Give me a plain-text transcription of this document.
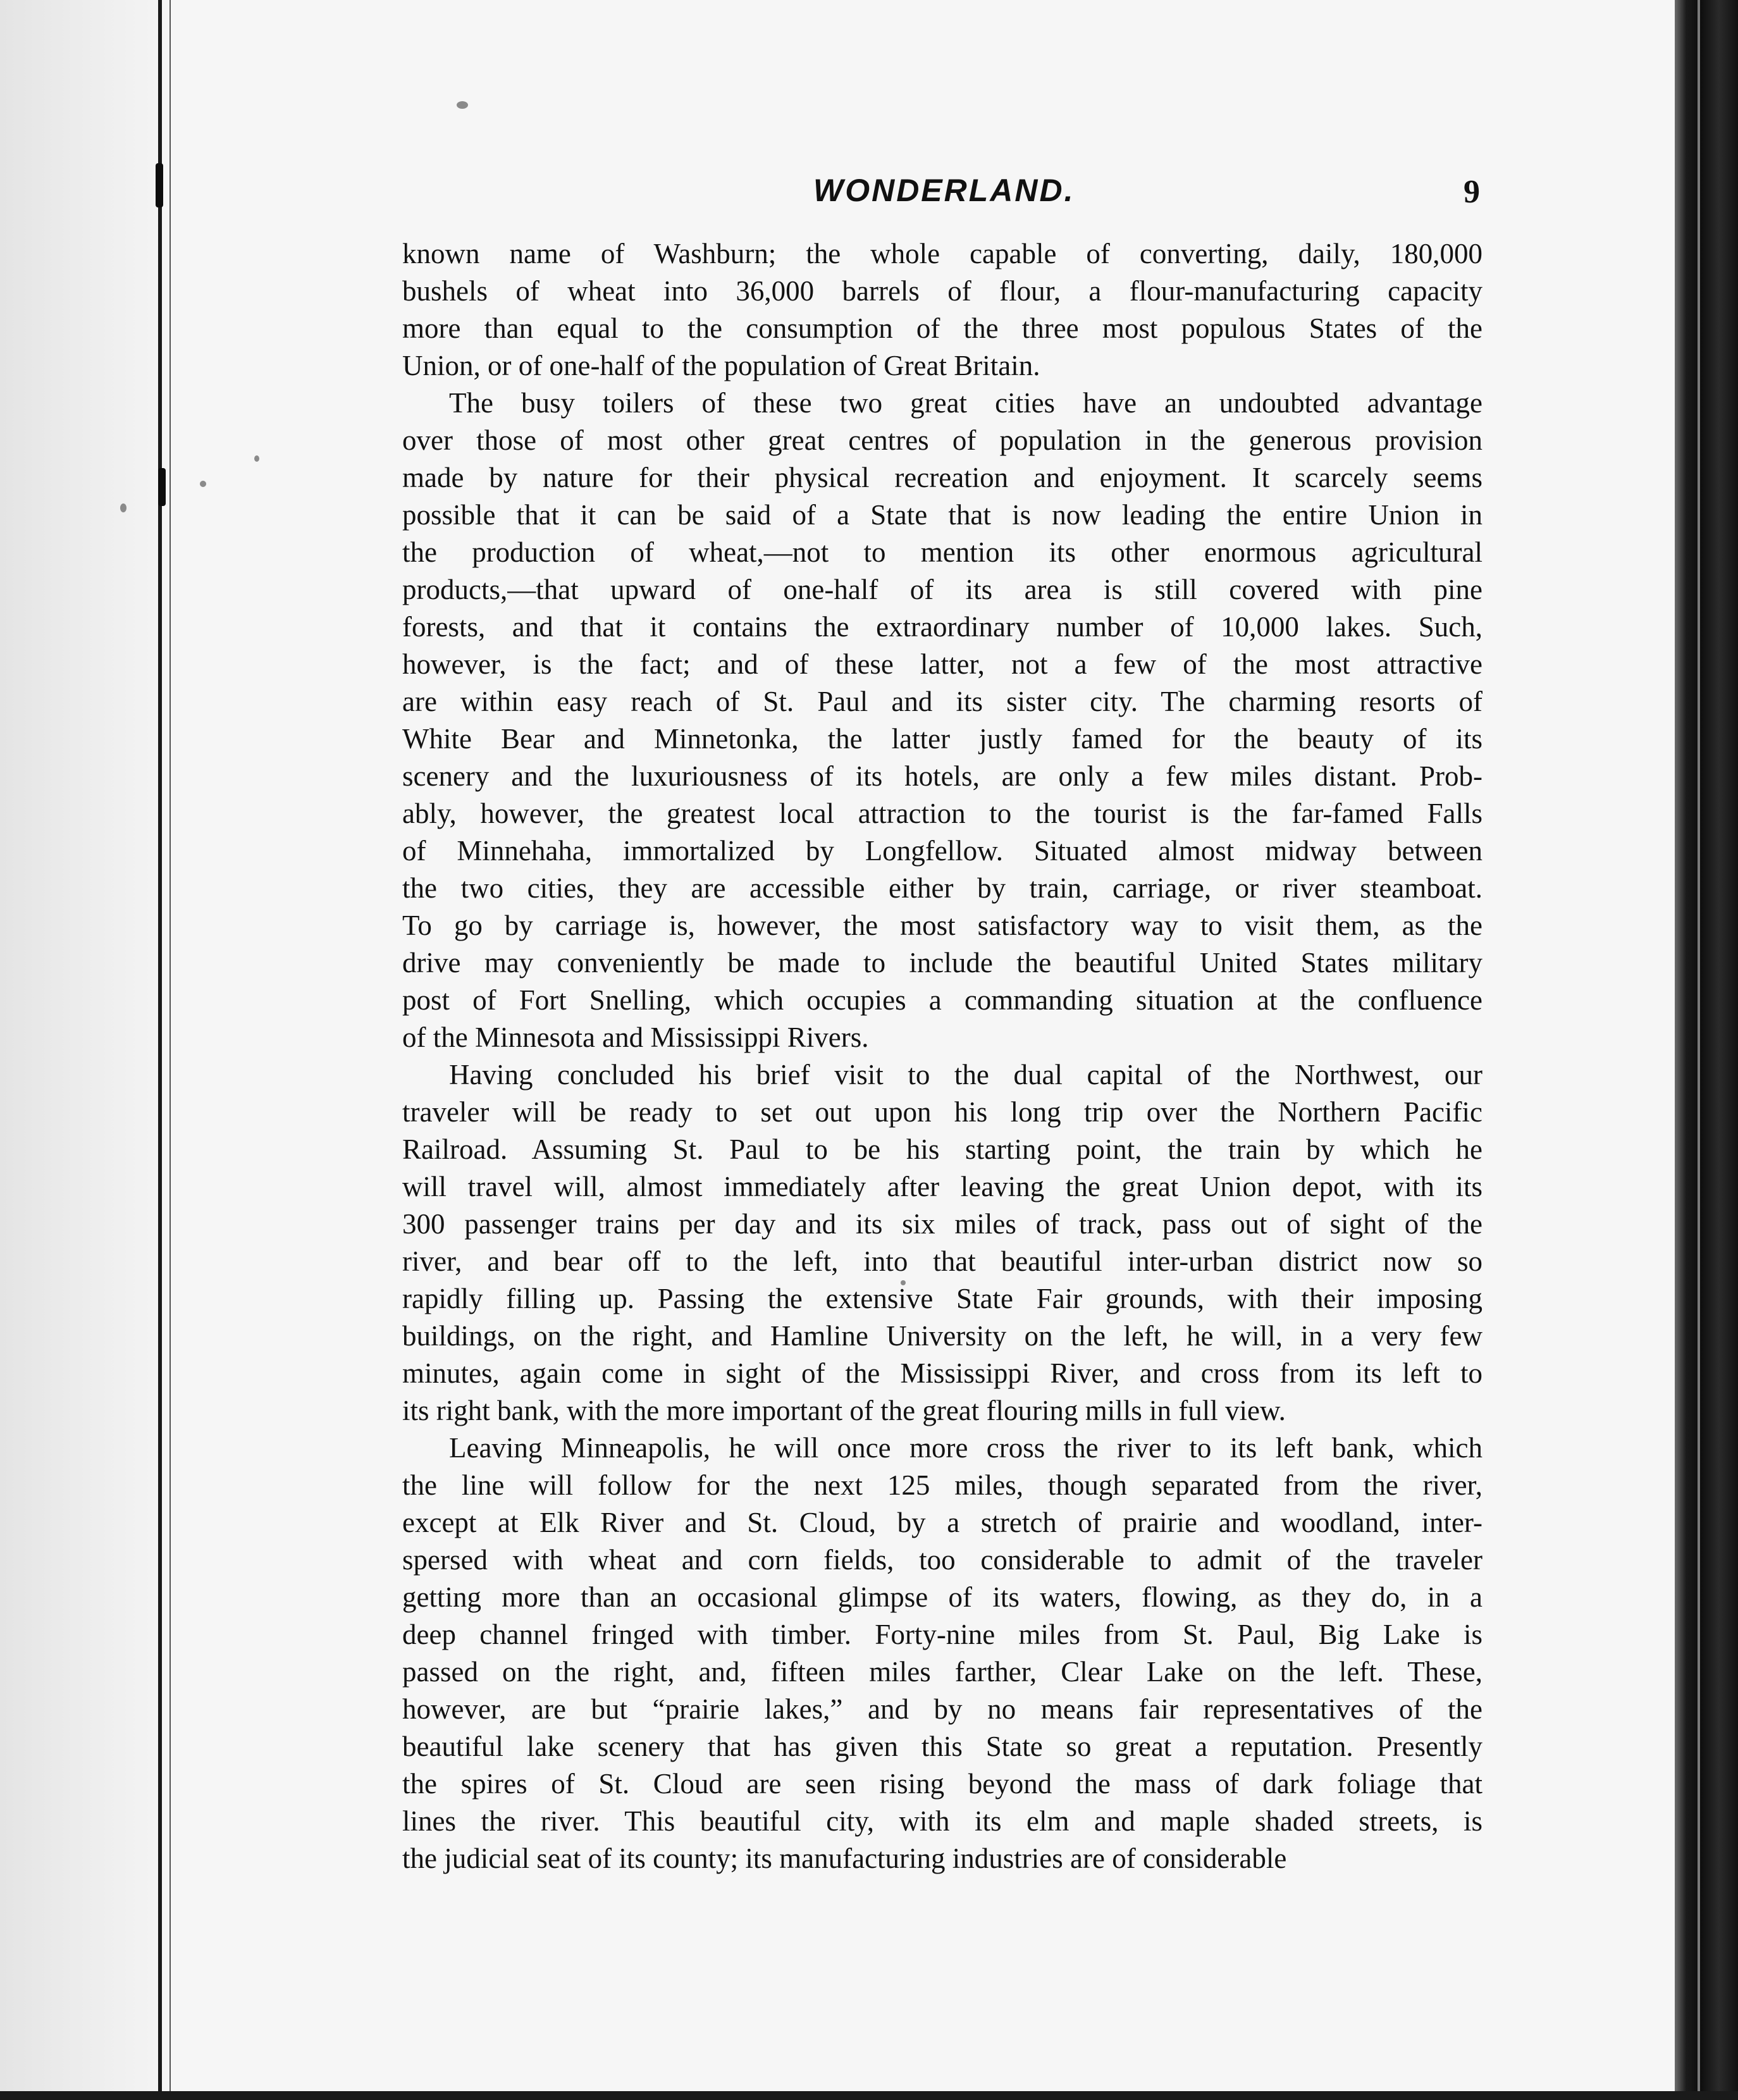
WONDERLAND.	9
known name of Washburn; the whole capable of converting, daily, 180,000
bushels of wheat into 36,000 barrels of flour, a flour-manufacturing capacity
more than equal to the consumption of the three most populous States of the
Union, or of one-half of the population of Great Britain.
The busy toilers of these two great cities have an undoubted advantage
over those of most other great centres of population in the generous provision
made by nature for their physical recreation and enjoyment. It scarcely seems
possible that it can be said of a State that is now leading the entire Union in
the production of wheat,—not to mention its other enormous agricultural
products,—that upward of one-half of its area is still covered with pine
forests, and that it contains the extraordinary number of 10,000 lakes. Such,
however, is the fact; and of these latter, not a few of the most attractive
are within easy reach of St. Paul and its sister city. The charming resorts of
White Bear and Minnetonka, the latter justly famed for the beauty of its
scenery and the luxuriousness of its hotels, are only a few miles distant. Prob-
ably, however, the greatest local attraction to the tourist is the far-famed Falls
of Minnehaha, immortalized by Longfellow. Situated almost midway between
the two cities, they are accessible either by train, carriage, or river steamboat.
To go by carriage is, however, the most satisfactory way to visit them, as the
drive may conveniently be made to include the beautiful United States military
post of Fort Snelling, which occupies a commanding situation at the confluence
of the Minnesota and Mississippi Rivers.
Having concluded his brief visit to the dual capital of the Northwest, our
traveler will be ready to set out upon his long trip over the Northern Pacific
Railroad. Assuming St. Paul to be his starting point, the train by which he
will travel will, almost immediately after leaving the great Union depot, with its
300 passenger trains per day and its six miles of track, pass out of sight of the
river, and bear off to the left, into that beautiful inter-urban district now so
rapidly filling up. Passing the extensive State Fair grounds, with their imposing
buildings, on the right, and Hamline University on the left, he will, in a very few
minutes, again come in sight of the Mississippi River, and cross from its left to
its right bank, with the more important of the great flouring mills in full view.
Leaving Minneapolis, he will once more cross the river to its left bank, which
the line will follow for the next 125 miles, though separated from the river,
except at Elk River and St. Cloud, by a stretch of prairie and woodland, inter-
spersed with wheat and corn fields, too considerable to admit of the traveler
getting more than an occasional glimpse of its waters, flowing, as they do, in a
deep channel fringed with timber. Forty-nine miles from St. Paul, Big Lake is
passed on the right, and, fifteen miles farther, Clear Lake on the left. These,
however, are but “prairie lakes,” and by no means fair representatives of the
beautiful lake scenery that has given this State so great a reputation. Presently
the spires of St. Cloud are seen rising beyond the mass of dark foliage that
lines the river. This beautiful city, with its elm and maple shaded streets, is
the judicial seat of its county; its manufacturing industries are of considerable
